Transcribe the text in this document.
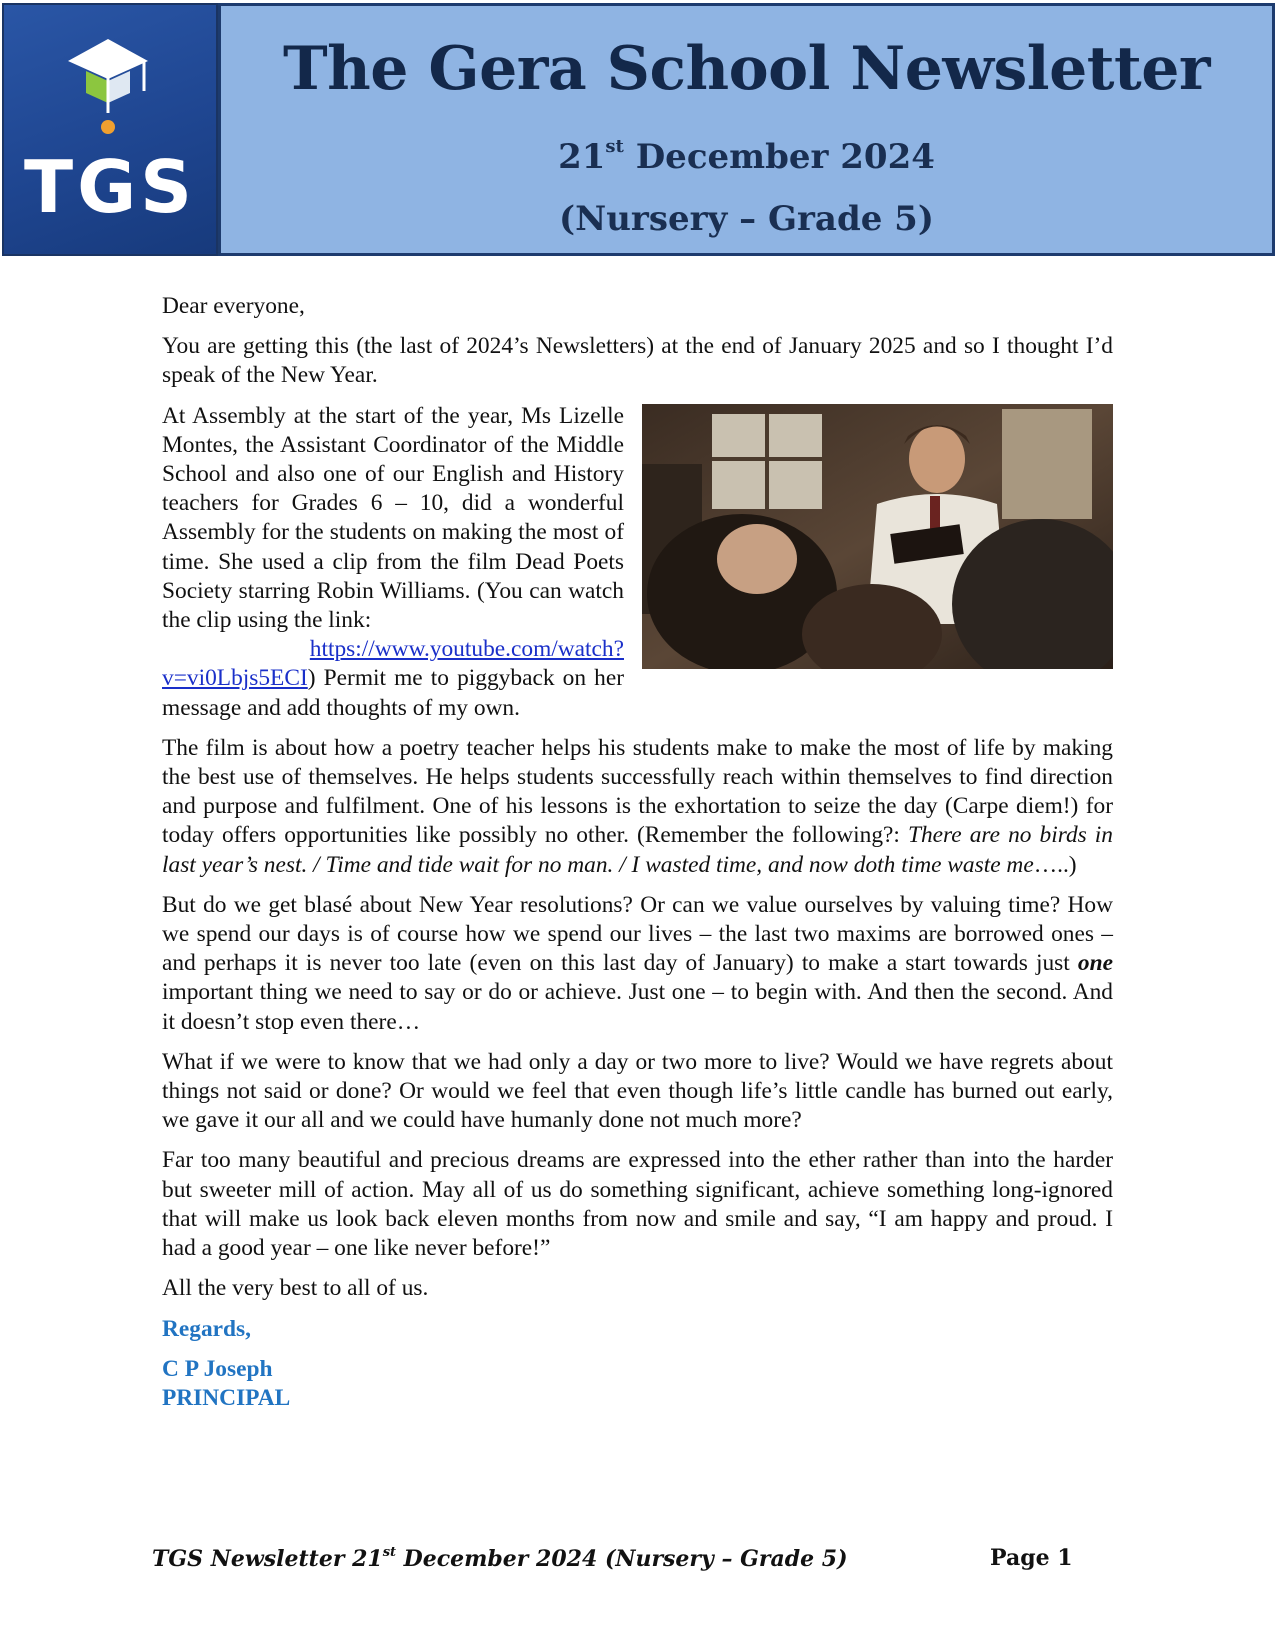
TGS
The Gera School Newsletter
21st December 2024
(Nursery – Grade 5)

Dear everyone,

You are getting this (the last of 2024’s Newsletters) at the end of January 2025 and so I thought I’d speak of the New Year.

At Assembly at the start of the year, Ms Lizelle Montes, the Assistant Coordinator of the Middle School and also one of our English and History teachers for Grades 6 – 10, did a wonderful Assembly for the students on making the most of time. She used a clip from the film Dead Poets Society starring Robin Williams. (You can watch the clip using the link:
https://www.youtube.com/watch?v=vi0Lbjs5ECI) Permit me to piggyback on her message and add thoughts of my own.

The film is about how a poetry teacher helps his students make to make the most of life by making the best use of themselves. He helps students successfully reach within themselves to find direction and purpose and fulfilment. One of his lessons is the exhortation to seize the day (Carpe diem!) for today offers opportunities like possibly no other. (Remember the following?: There are no birds in last year’s nest. / Time and tide wait for no man. / I wasted time, and now doth time waste me…..)

But do we get blasé about New Year resolutions? Or can we value ourselves by valuing time? How we spend our days is of course how we spend our lives – the last two maxims are borrowed ones – and perhaps it is never too late (even on this last day of January) to make a start towards just one important thing we need to say or do or achieve. Just one – to begin with. And then the second. And it doesn’t stop even there…

What if we were to know that we had only a day or two more to live? Would we have regrets about things not said or done? Or would we feel that even though life’s little candle has burned out early, we gave it our all and we could have humanly done not much more?

Far too many beautiful and precious dreams are expressed into the ether rather than into the harder but sweeter mill of action. May all of us do something significant, achieve something long-ignored that will make us look back eleven months from now and smile and say, “I am happy and proud. I had a good year – one like never before!”

All the very best to all of us.

Regards,

C P Joseph
PRINCIPAL
TGS Newsletter 21st December 2024 (Nursery – Grade 5)	Page 1
